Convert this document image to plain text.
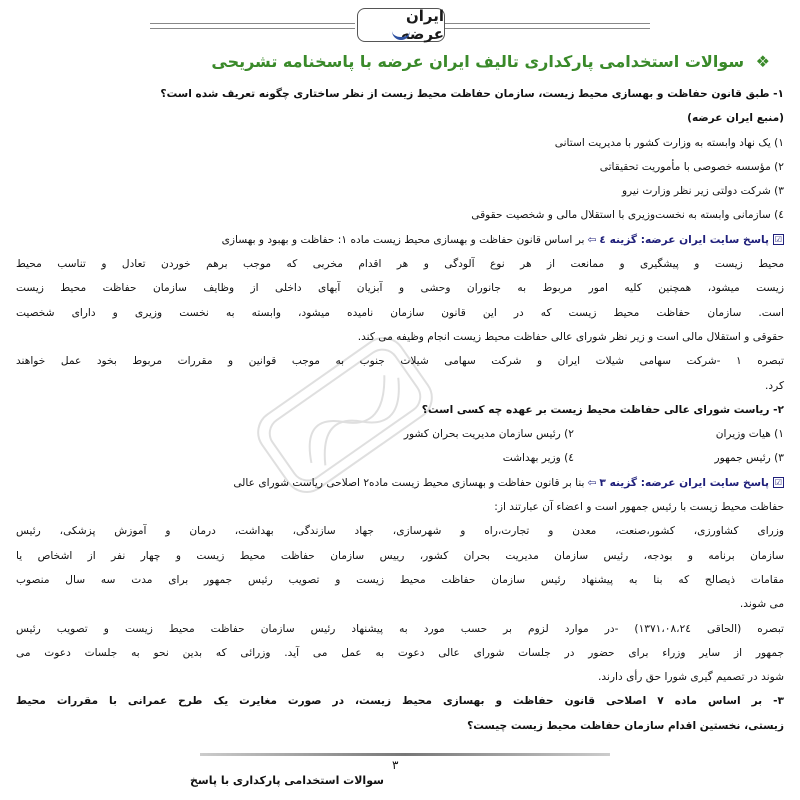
ایران عرضه
❖ سوالات استخدامی پارکداری تالیف ایران عرضه با پاسخنامه تشریحی
۱- طبق قانون حفاظت و بهسازی محیط زیست، سازمان حفاظت محیط زیست از نظر ساختاری چگونه تعریف شده است؟
(منبع ایران عرضه)
۱) یک نهاد وابسته به وزارت کشور با مدیریت استانی
۲) مؤسسه خصوصی با مأموریت تحقیقاتی
۳) شرکت دولتی زیر نظر وزارت نیرو
٤) سازمانی وابسته به نخست‌وزیری با استقلال مالی و شخصیت حقوقی
☑پاسخ سایت ایران عرضه: گزینه ٤⇦بر اساس قانون حفاظت و بهسازی محیط زیست ماده ۱: حفاظت و بهبود و بهسازی
محیط زیست و پیشگیری و ممانعت از هر نوع آلودگی و هر اقدام مخربی که موجب برهم خوردن تعادل و تناسب محیط
زیست میشود، همچنین کلیه امور مربوط به جانوران وحشی و آبزیان آبهای داخلی از وظایف سازمان حفاظت محیط زیست
است. سازمان حفاظت محیط زیست که در این قانون سازمان نامیده میشود، وابسته به نخست وزیری و دارای شخصیت
حقوقی و استقلال مالی است و زیر نظر شورای عالی حفاظت محیط زیست انجام وظیفه می کند.
تبصره ۱ -شرکت سهامی شیلات ایران و شرکت سهامی شیلات جنوب به موجب قوانین و مقررات مربوط بخود عمل خواهند
کرد.
۲- ریاست شورای عالی حفاظت محیط زیست بر عهده چه کسی است؟
۱) هیات وزیران
۲) رئیس سازمان مدیریت بحران کشور
۳) رئیس جمهور
٤) وزیر بهداشت
☑پاسخ سایت ایران عرضه: گزینه ۳⇦بنا بر قانون حفاظت و بهسازی محیط زیست ماده۲ اصلاحی ریاست شورای عالی
حفاظت محیط زیست با رئیس جمهور است و اعضاء آن عبارتند از:
وزرای کشاورزی، کشور،صنعت، معدن و تجارت،راه و شهرسازی، جهاد سازندگی، بهداشت، درمان و آموزش پزشکی، رئیس
سازمان برنامه و بودجه، رئیس سازمان مدیریت بحران کشور، رییس سازمان حفاظت محیط زیست و چهار نفر از اشخاص یا
مقامات ذیصالح که بنا به پیشنهاد رئیس سازمان حفاظت محیط زیست و تصویب رئیس جمهور برای مدت سه سال منصوب
می شوند.
تبصره (الحاقی ۱۳۷۱،۰۸،۲٤) -در موارد لزوم بر حسب مورد به پیشنهاد رئیس سازمان حفاظت محیط زیست و تصویب رئیس
جمهور از سایر وزراء برای حضور در جلسات شورای عالی دعوت به عمل می آید. وزرائی که بدین نحو به جلسات دعوت می
شوند در تصمیم گیری شورا حق رأی دارند.
۳- بر اساس ماده ۷ اصلاحی قانون حفاظت و بهسازی محیط زیست، در صورت مغایرت یک طرح عمرانی با مقررات محیط
زیستی، نخستین اقدام سازمان حفاظت محیط زیست چیست؟
۳
سوالات استخدامی پارکداری با پاسخ
